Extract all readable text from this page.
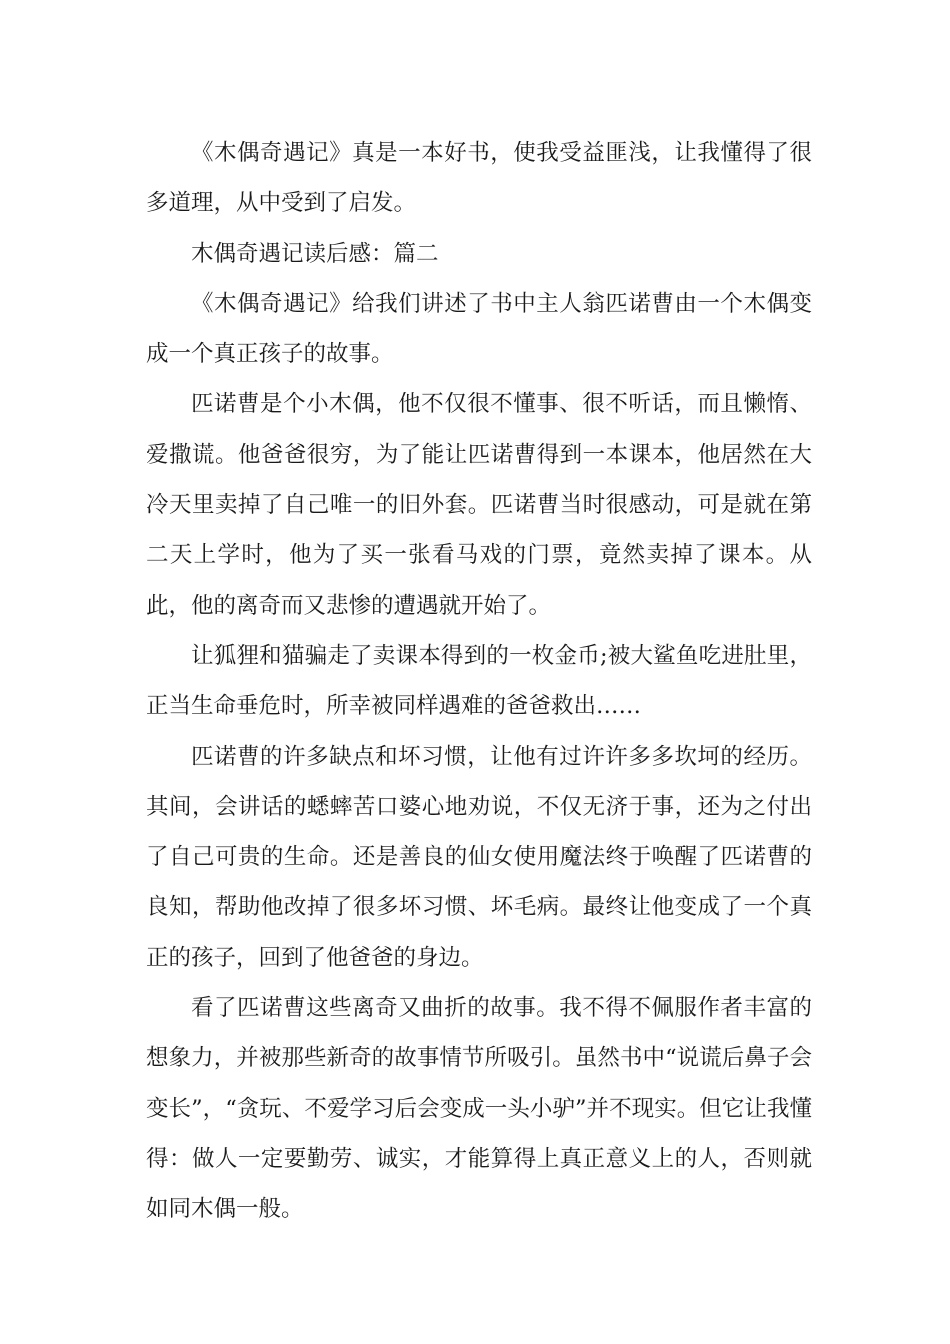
《木偶奇遇记》真是一本好书，使我受益匪浅，让我懂得了很多道理，从中受到了启发。

木偶奇遇记读后感：篇二

《木偶奇遇记》给我们讲述了书中主人翁匹诺曹由一个木偶变成一个真正孩子的故事。

匹诺曹是个小木偶，他不仅很不懂事、很不听话，而且懒惰、爱撒谎。他爸爸很穷，为了能让匹诺曹得到一本课本，他居然在大冷天里卖掉了自己唯一的旧外套。匹诺曹当时很感动，可是就在第二天上学时，他为了买一张看马戏的门票，竟然卖掉了课本。从此，他的离奇而又悲惨的遭遇就开始了。

让狐狸和猫骗走了卖课本得到的一枚金币;被大鲨鱼吃进肚里，正当生命垂危时，所幸被同样遇难的爸爸救出……

匹诺曹的许多缺点和坏习惯，让他有过许许多多坎坷的经历。其间，会讲话的蟋蟀苦口婆心地劝说，不仅无济于事，还为之付出了自己可贵的生命。还是善良的仙女使用魔法终于唤醒了匹诺曹的良知，帮助他改掉了很多坏习惯、坏毛病。最终让他变成了一个真正的孩子，回到了他爸爸的身边。

看了匹诺曹这些离奇又曲折的故事。我不得不佩服作者丰富的想象力，并被那些新奇的故事情节所吸引。虽然书中“说谎后鼻子会变长”，“贪玩、不爱学习后会变成一头小驴”并不现实。但它让我懂得：做人一定要勤劳、诚实，才能算得上真正意义上的人，否则就如同木偶一般。
